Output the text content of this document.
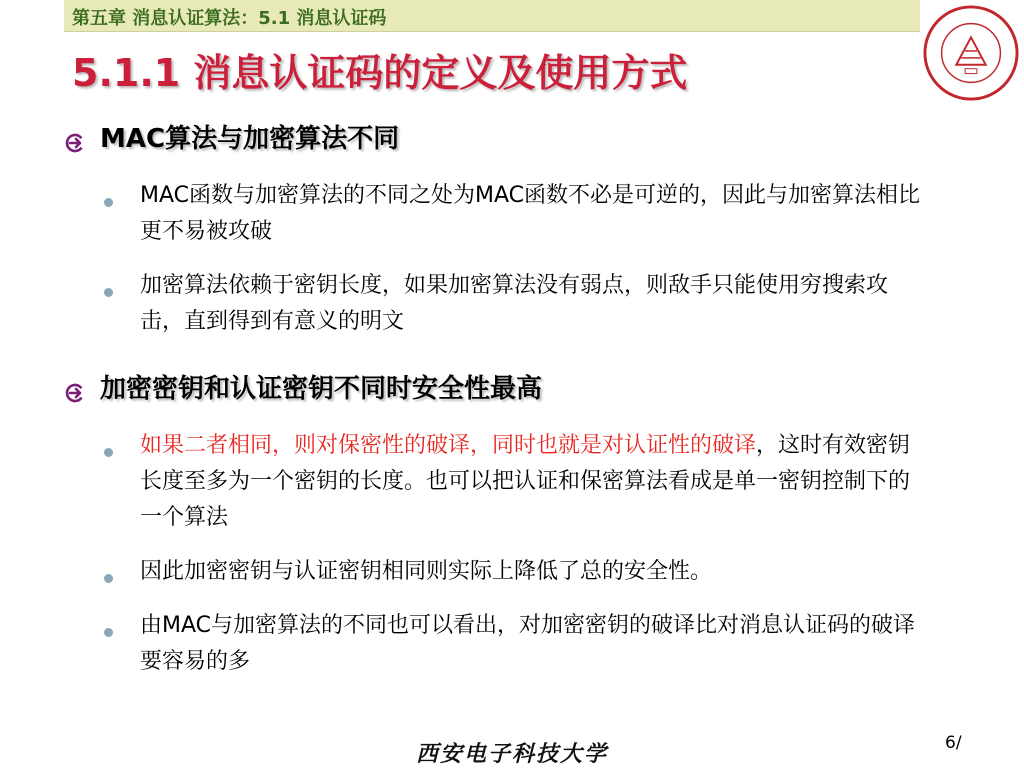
第五章 消息认证算法：5.1 消息认证码
5.1.1 消息认证码的定义及使用方式
MAC算法与加密算法不同
MAC函数与加密算法的不同之处为MAC函数不必是可逆的，因此与加密算法相比更不易被攻破
加密算法依赖于密钥长度，如果加密算法没有弱点，则敌手只能使用穷搜索攻击，直到得到有意义的明文
加密密钥和认证密钥不同时安全性最高
如果二者相同，则对保密性的破译，同时也就是对认证性的破译，这时有效密钥长度至多为一个密钥的长度。也可以把认证和保密算法看成是单一密钥控制下的一个算法
因此加密密钥与认证密钥相同则实际上降低了总的安全性。
由MAC与加密算法的不同也可以看出，对加密密钥的破译比对消息认证码的破译要容易的多
西安电子科技大学	6/
